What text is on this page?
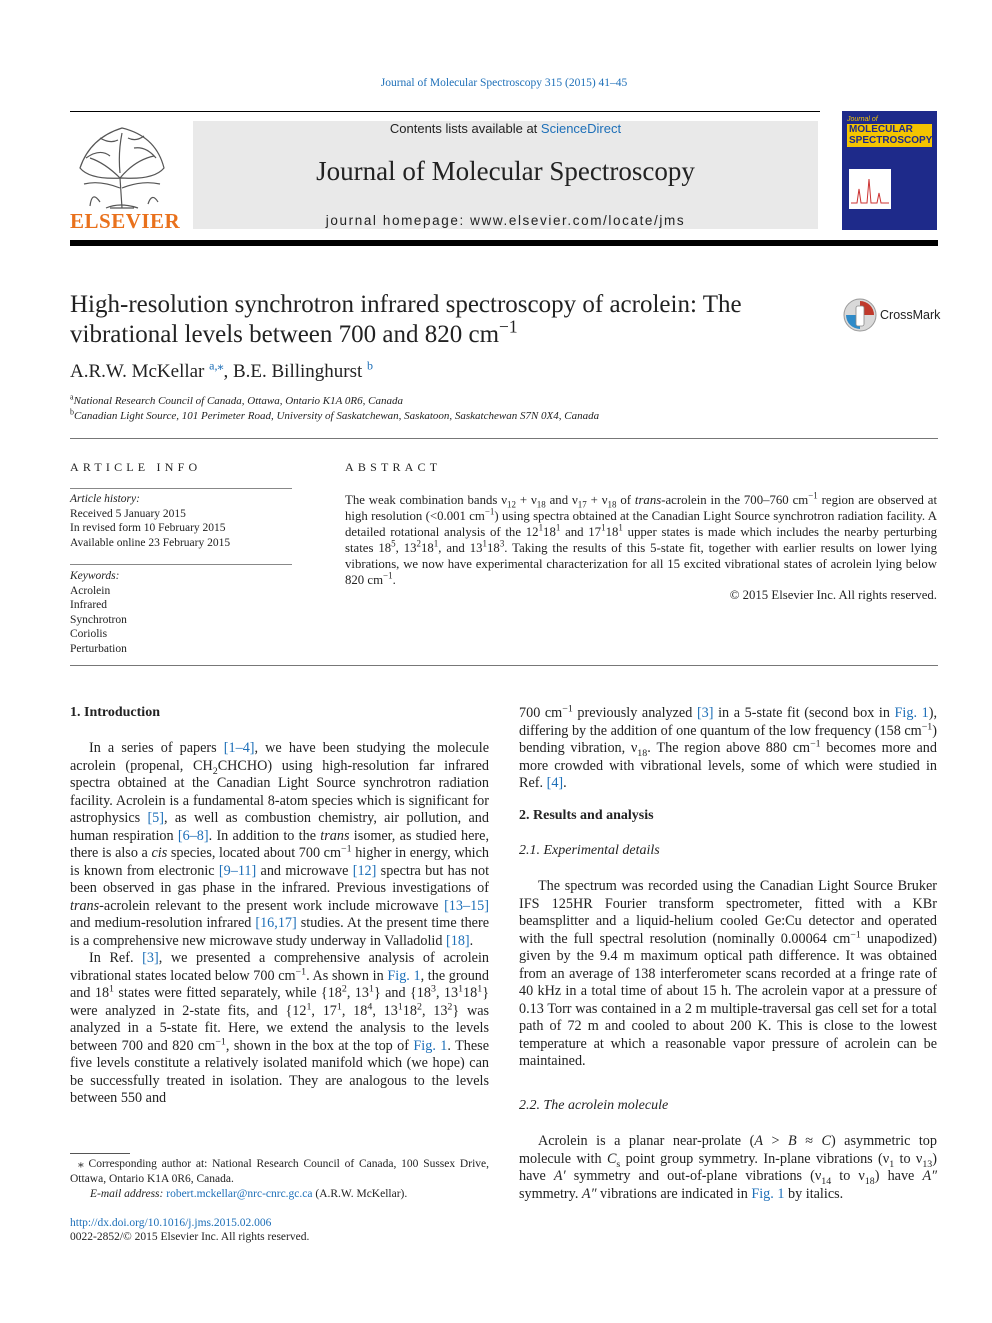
Journal of Molecular Spectroscopy 315 (2015) 41–45
ELSEVIER
Contents lists available at ScienceDirect
Journal of Molecular Spectroscopy
journal homepage: www.elsevier.com/locate/jms
Journal of
MOLECULAR
SPECTROSCOPY
High-resolution synchrotron infrared spectroscopy of acrolein: The
vibrational levels between 700 and 820 $cm^{-1}$
CrossMark
A.R.W. McKellar $^{a,⁎}$, B.E. Billinghurst $^b$
$^a$National Research Council of Canada, Ottawa, Ontario K1A 0R6, Canada
$^b$Canadian Light Source, 101 Perimeter Road, University of Saskatchewan, Saskatoon, Saskatchewan S7N 0X4, Canada
ARTICLE INFO
Article history:
Received 5 January 2015
In revised form 10 February 2015
Available online 23 February 2015
Keywords:
Acrolein
Infrared
Synchrotron
Coriolis
Perturbation
ABSTRACT
The weak combination bands $\nu_{12} + \nu_{18}$ and $\nu_{17} + \nu_{18}$ of trans-acrolein in the 700–760 $cm^{-1}$ region are observed at high resolution (<0.001 $cm^{-1}$) using spectra obtained at the Canadian Light Source synchrotron radiation facility. A detailed rotational analysis of the $12^118^1$ and $17^118^1$ upper states is made which includes the nearby perturbing states $18^5$, $13^218^1$, and $13^118^3$. Taking the results of this 5-state fit, together with earlier results on lower lying vibrations, we now have experimental characterization for all 15 excited vibrational states of acrolein lying below 820 $cm^{-1}$.
© 2015 Elsevier Inc. All rights reserved.
1. Introduction

In a series of papers [1–4], we have been studying the molecule acrolein (propenal, $CH_2CHCHO$) using high-resolution far infrared spectra obtained at the Canadian Light Source synchrotron radiation facility. Acrolein is a fundamental 8-atom species which is significant for astrophysics [5], as well as combustion chemistry, air pollution, and human respiration [6–8]. In addition to the trans isomer, as studied here, there is also a cis species, located about 700 $cm^{-1}$ higher in energy, which is known from electronic [9–11] and microwave [12] spectra but has not been observed in gas phase in the infrared. Previous investigations of trans-acrolein relevant to the present work include microwave [13–15] and medium-resolution infrared [16,17] studies. At the present time there is a comprehensive new microwave study underway in Valladolid [18].

In Ref. [3], we presented a comprehensive analysis of acrolein vibrational states located below 700 $cm^{-1}$. As shown in Fig. 1, the ground and $18^1$ states were fitted separately, while {$18^2$, $13^1$} and {$18^3$, $13^118^1$} were analyzed in 2-state fits, and {$12^1$, $17^1$, $18^4$, $13^118^2$, $13^2$} was analyzed in a 5-state fit. Here, we extend the analysis to the levels between 700 and 820 $cm^{-1}$, shown in the box at the top of Fig. 1. These five levels constitute a relatively isolated manifold which (we hope) can be successfully treated in isolation. They are analogous to the levels between 550 and

⁎ Corresponding author at: National Research Council of Canada, 100 Sussex Drive, Ottawa, Ontario K1A 0R6, Canada.
E-mail address: robert.mckellar@nrc-cnrc.gc.ca (A.R.W. McKellar).
http://dx.doi.org/10.1016/j.jms.2015.02.006
0022-2852/© 2015 Elsevier Inc. All rights reserved.

700 $cm^{-1}$ previously analyzed [3] in a 5-state fit (second box in Fig. 1), differing by the addition of one quantum of the low frequency (158 $cm^{-1}$) bending vibration, $\nu_{18}$. The region above 880 $cm^{-1}$ becomes more and more crowded with vibrational levels, some of which were studied in Ref. [4].

2. Results and analysis
2.1. Experimental details

The spectrum was recorded using the Canadian Light Source Bruker IFS 125HR Fourier transform spectrometer, fitted with a KBr beamsplitter and a liquid-helium cooled Ge:Cu detector and operated with the full spectral resolution (nominally 0.00064 $cm^{-1}$ unapodized) given by the 9.4 m maximum optical path difference. It was obtained from an average of 138 interferometer scans recorded at a fringe rate of 40 kHz in a total time of about 15 h. The acrolein vapor at a pressure of 0.13 Torr was contained in a 2 m multiple-traversal gas cell set for a total path of 72 m and cooled to about 200 K. This is close to the lowest temperature at which a reasonable vapor pressure of acrolein can be maintained.

2.2. The acrolein molecule

Acrolein is a planar near-prolate (A > B ≈ C) asymmetric top molecule with $C_s$ point group symmetry. In-plane vibrations ($\nu_1$ to $\nu_{13}$) have A′ symmetry and out-of-plane vibrations ($\nu_{14}$ to $\nu_{18}$) have A″ symmetry. A″ vibrations are indicated in Fig. 1 by italics.
